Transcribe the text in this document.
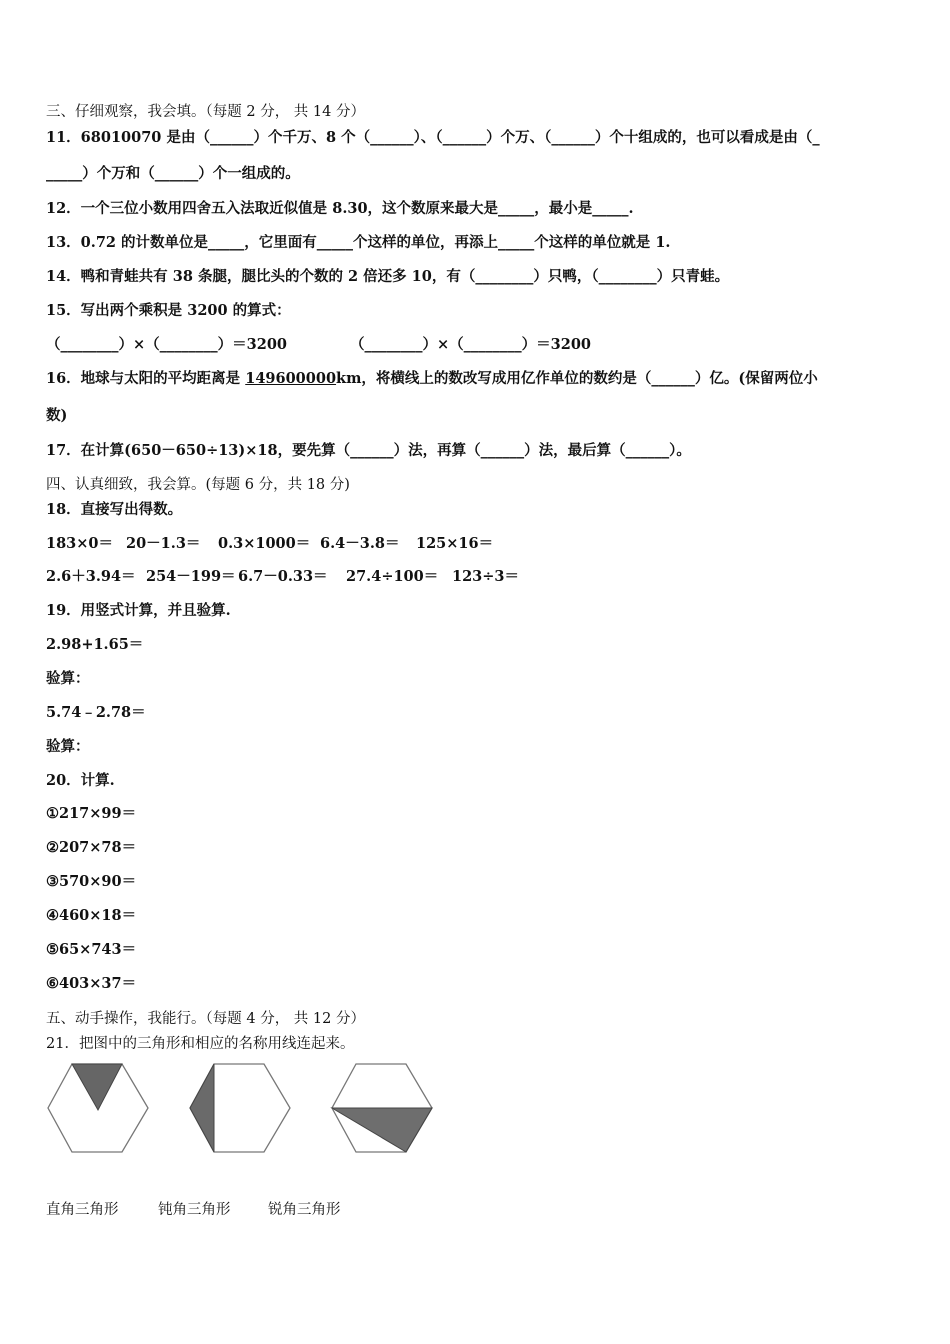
三、仔细观察，我会填。（每题 2 分， 共 14 分）
11．68010070 是由（______）个千万、8 个（______）、（______）个万、（______）个十组成的，也可以看成是由（_
_____）个万和（______）个一组成的。
12．一个三位小数用四舍五入法取近似值是 8.30，这个数原来最大是_____，最小是_____.
13．0.72 的计数单位是_____，它里面有_____个这样的单位，再添上_____个这样的单位就是 1.
14．鸭和青蛙共有 38 条腿，腿比头的个数的 2 倍还多 10，有（________）只鸭，（________）只青蛙。
15．写出两个乘积是 3200 的算式：
（________）×（________）＝3200	（________）×（________）＝3200
16．地球与太阳的平均距离是 149600000km，将横线上的数改写成用亿作单位的数约是（______）亿。(保留两位小
数)
17．在计算(650－650÷13)×18，要先算（______）法，再算（______）法，最后算（______）。
四、认真细致，我会算。(每题 6 分，共 18 分)
18．直接写出得数。
183×0＝ 20－1.3＝ 0.3×1000＝ 6.4－3.8＝ 125×16＝
2.6＋3.94＝ 254－199＝ 6.7－0.33＝ 27.4÷100＝ 123÷3＝
19．用竖式计算，并且验算.
2.98+1.65＝
验算：
5.74﹣2.78＝
验算：
20．计算.
①217×99＝
②207×78＝
③570×90＝
④460×18＝
⑤65×743＝
⑥403×37＝
五、动手操作，我能行。（每题 4 分， 共 12 分）
21．把图中的三角形和相应的名称用线连起来。
直角三角形	钝角三角形	锐角三角形
